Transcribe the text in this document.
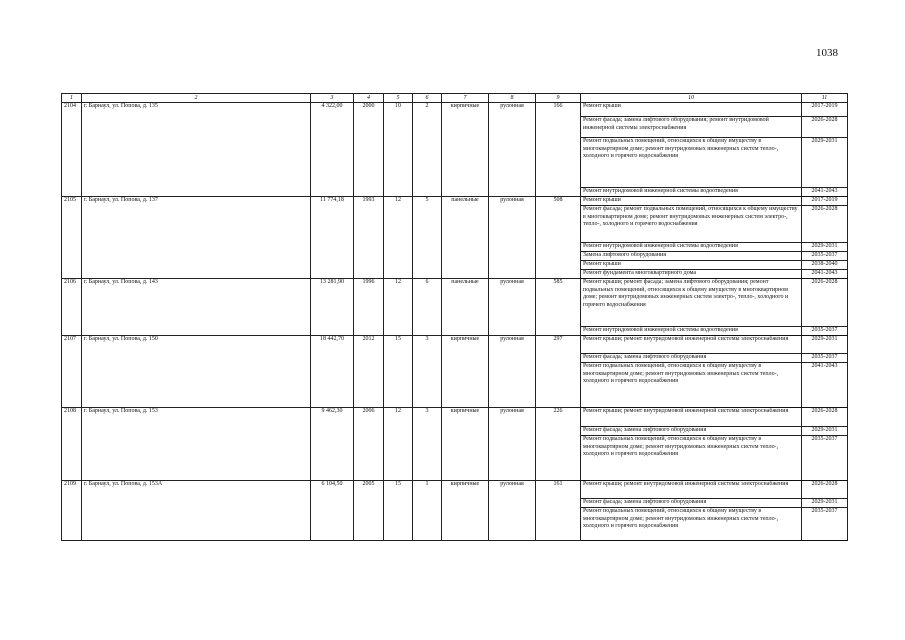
1038
1	2	3	4	5	6	7	8	9	10	11
2104	г. Барнаул, ул. Попова, д. 135	4 322,00	2000	10	2	кирпичные	рулонная	166	Ремонт крыши	2017-2019
									Ремонт фасада; замена лифтового оборудования; ремонт внутридомовой инженерной системы электроснабжения	2026-2028
									Ремонт подвальных помещений, относящихся к общему имуществу в многоквартирном доме; ремонт внутридомовых инженерных систем тепло-, холодного и горячего водоснабжения	2029-2031
									Ремонт внутридомовой инженерной системы водоотведения	2041-2043
2105	г. Барнаул, ул. Попова, д. 137	11 774,18	1993	12	5	панельные	рулонная	508	Ремонт крыши	2017-2019
									Ремонт фасада; ремонт подвальных помещений, относящихся к общему имуществу в многоквартирном доме; ремонт внутридомовых инженерных систем электро-, тепло-, холодного и горячего водоснабжения	2026-2028
									Ремонт внутридомовой инженерной системы водоотведения	2029-2031
									Замена лифтового оборудования	2035-2037
									Ремонт крыши	2038-2040
									Ремонт фундамента многоквартирного дома	2041-2043
2106	г. Барнаул, ул. Попова, д. 143	13 281,90	1996	12	6	панельные	рулонная	585	Ремонт крыши; ремонт фасада; замена лифтового оборудования; ремонт подвальных помещений, относящихся к общему имуществу в многоквартирном доме; ремонт внутридомовых инженерных систем электро-, тепло-, холодного и горячего водоснабжения	2026-2028
									Ремонт внутридомовой инженерной системы водоотведения	2035-2037
2107	г. Барнаул, ул. Попова, д. 150	18 442,70	2012	15	3	кирпичные	рулонная	297	Ремонт крыши; ремонт внутридомовой инженерной системы электроснабжения	2029-2031
									Ремонт фасада; замена лифтового оборудования	2035-2037
									Ремонт подвальных помещений, относящихся к общему имуществу в многоквартирном доме; ремонт внутридомовых инженерных систем тепло-, холодного и горячего водоснабжения	2041-2043
2108	г. Барнаул, ул. Попова, д. 153	9 462,30	2006	12	3	кирпичные	рулонная	226	Ремонт крыши; ремонт внутридомовой инженерной системы электроснабжения	2026-2028
									Ремонт фасада; замена лифтового оборудования	2029-2031
									Ремонт подвальных помещений, относящихся к общему имуществу в многоквартирном доме; ремонт внутридомовых инженерных систем тепло-, холодного и горячего водоснабжения	2035-2037
2109	г. Барнаул, ул. Попова, д. 153А	6 104,50	2005	15	1	кирпичные	рулонная	161	Ремонт крыши; ремонт внутридомовой инженерной системы электроснабжения	2026-2028
									Ремонт фасада; замена лифтового оборудования	2029-2031
									Ремонт подвальных помещений, относящихся к общему имуществу в многоквартирном доме; ремонт внутридомовых инженерных систем тепло-, холодного и горячего водоснабжения	2035-2037
